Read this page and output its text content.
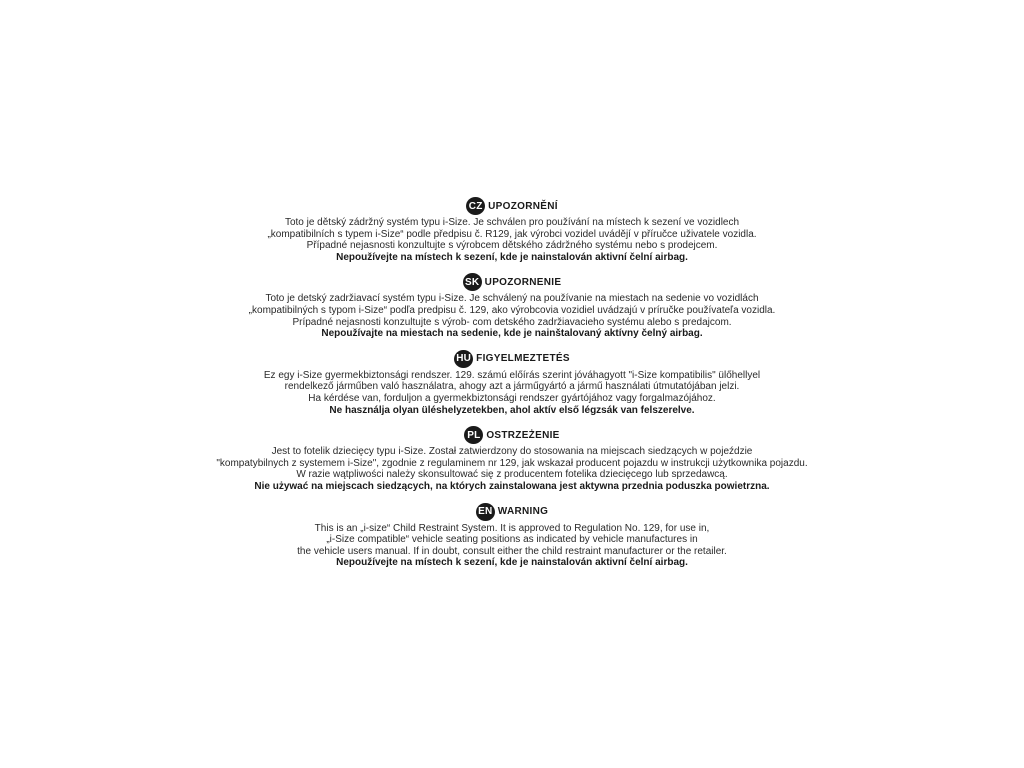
CZ UPOZORNĚNÍ
Toto je dětský zádržný systém typu i-Size. Je schválen pro používání na místech k sezení ve vozidlech
„kompatibilních s typem i-Size“ podle předpisu č. R129, jak výrobci vozidel uvádějí v příručce uživatele vozidla.
Případné nejasnosti konzultujte s výrobcem dětského zádržného systému nebo s prodejcem.
Nepoužívejte na místech k sezení, kde je nainstalován aktivní čelní airbag.
SK UPOZORNENIE
Toto je detský zadržiavací systém typu i-Size. Je schválený na používanie na miestach na sedenie vo vozidlách
„kompatibilných s typom i-Size“ podľa predpisu č. 129, ako výrobcovia vozidiel uvádzajú v príručke používateľa vozidla.
Prípadné nejasnosti konzultujte s výrob- com detského zadržiavacieho systému alebo s predajcom.
Nepoužívajte na miestach na sedenie, kde je nainštalovaný aktívny čelný airbag.
HU FIGYELMEZTETÉS
Ez egy i-Size gyermekbiztonsági rendszer. 129. számú előírás szerint jóváhagyott "i-Size kompatibilis" ülőhellyel
rendelkező járműben való használatra, ahogy azt a járműgyártó a jármű használati útmutatójában jelzi.
Ha kérdése van, forduljon a gyermekbiztonsági rendszer gyártójához vagy forgalmazójához.
Ne használja olyan üléshelyzetekben, ahol aktív első légzsák van felszerelve.
PL OSTRZEŻENIE
Jest to fotelik dziecięcy typu i-Size. Został zatwierdzony do stosowania na miejscach siedzących w pojeździe
"kompatybilnych z systemem i-Size", zgodnie z regulaminem nr 129, jak wskazał producent pojazdu w instrukcji użytkownika pojazdu.
W razie wątpliwości należy skonsultować się z producentem fotelika dziecięcego lub sprzedawcą.
Nie używać na miejscach siedzących, na których zainstalowana jest aktywna przednia poduszka powietrzna.
EN WARNING
This is an „i-size“ Child Restraint System. It is approved to Regulation No. 129, for use in,
„i-Size compatible“ vehicle seating positions as indicated by vehicle manufactures in
the vehicle users manual. If in doubt, consult either the child restraint manufacturer or the retailer.
Nepoužívejte na místech k sezení, kde je nainstalován aktivní čelní airbag.
